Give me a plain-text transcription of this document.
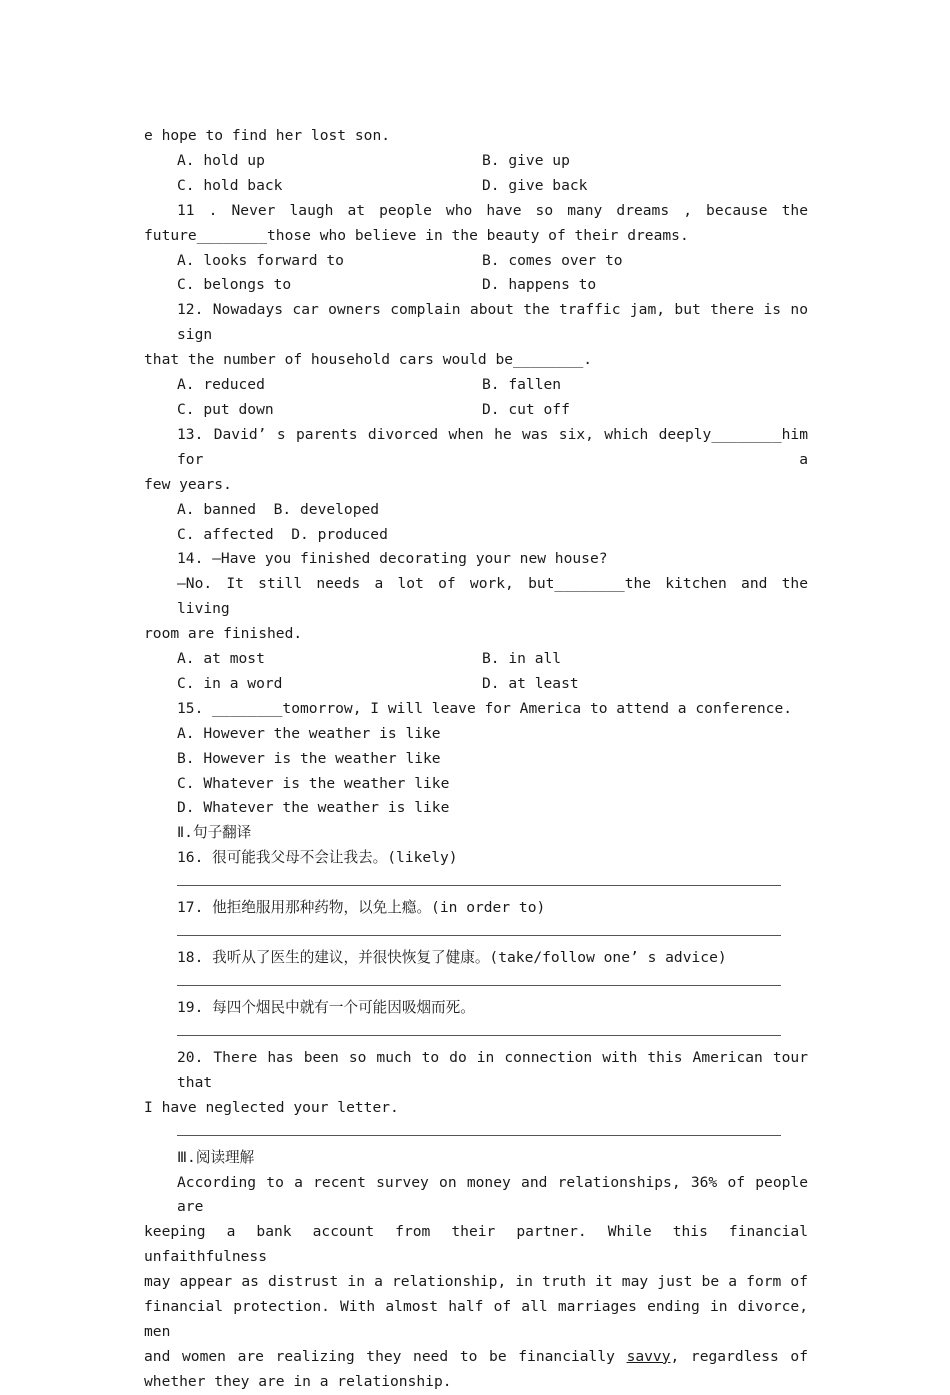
e hope to find her lost son.
A. hold up	B. give up
C. hold back	D. give back
11 . Never laugh at people who have so many dreams , because the
future________those who believe in the beauty of their dreams.
A. looks forward to	B. comes over to
C. belongs to	D. happens to
12. Nowadays car owners complain about the traffic jam, but there is no sign
that the number of household cars would be________.
A. reduced	B. fallen
C. put down	D. cut off
13. David’ s parents divorced when he was six, which deeply________him for a
few years.
A. banned  B. developed
C. affected  D. produced
14. —Have you finished decorating your new house?
—No. It still needs a lot of work, but________the kitchen and the living
room are finished.
A. at most	B. in all
C. in a word	D. at least
15. ________tomorrow, I will leave for America to attend a conference.
A. However the weather is like
B. However is the weather like
C. Whatever is the weather like
D. Whatever the weather is like
Ⅱ.句子翻译
16. 很可能我父母不会让我去。(likely)
17. 他拒绝服用那种药物，以免上瘾。(in order to)
18. 我听从了医生的建议，并很快恢复了健康。(take/follow one’ s advice)
19. 每四个烟民中就有一个可能因吸烟而死。
20. There has been so much to do in connection with this American tour that
I have neglected your letter.
Ⅲ.阅读理解
According to a recent survey on money and relationships, 36% of people are
keeping a bank account from their partner. While this financial unfaithfulness
may appear as distrust in a relationship, in truth it may just be a form of
financial protection. With almost half of all marriages ending in divorce, men
and women are realizing they need to be financially savvy, regardless of
whether they are in a relationship.
